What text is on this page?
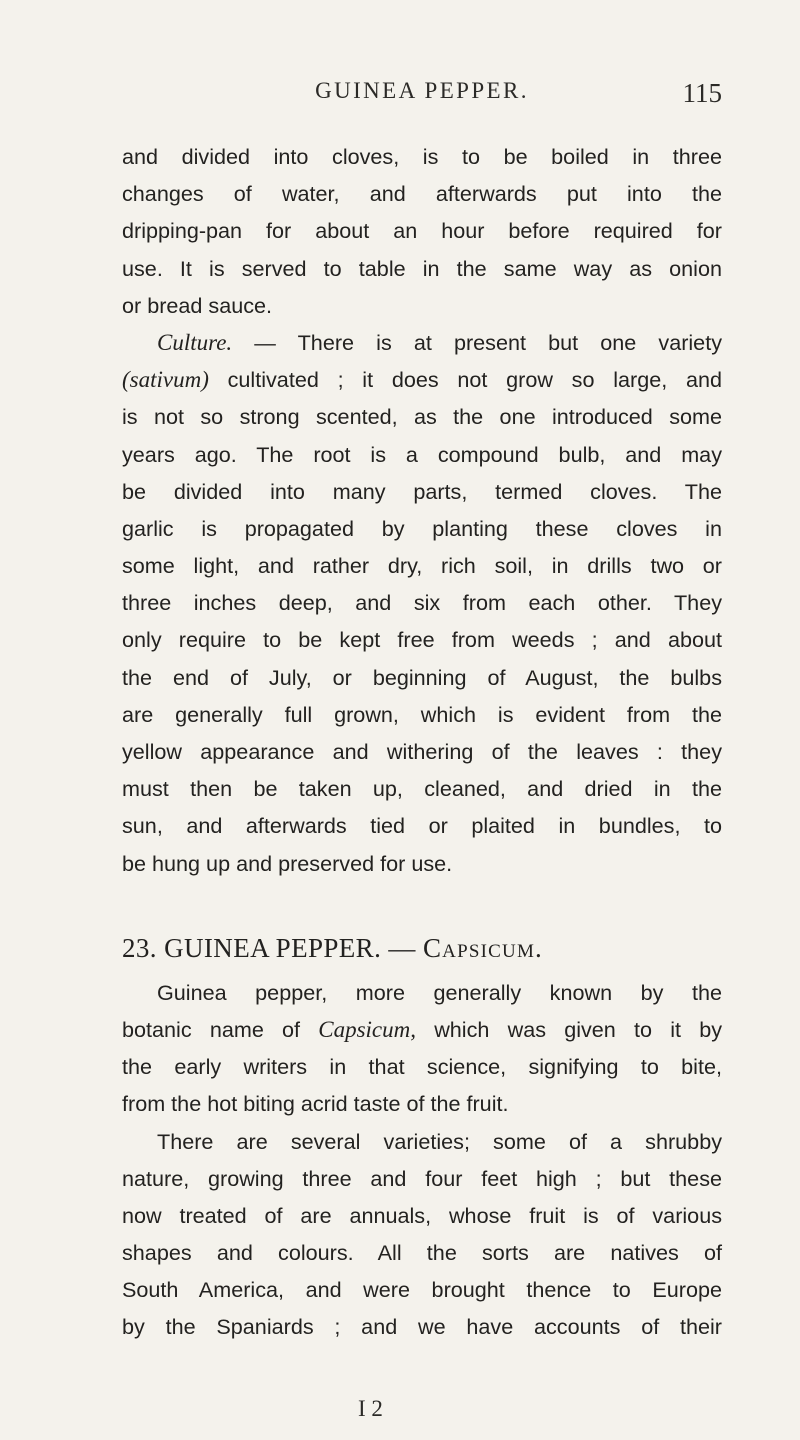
GUINEA PEPPER.	115
and divided into cloves, is to be boiled in three
changes of water, and afterwards put into the
dripping-pan for about an hour before required for
use. It is served to table in the same way as onion
or bread sauce.
Culture. — There is at present but one variety
(sativum) cultivated ; it does not grow so large, and
is not so strong scented, as the one introduced some
years ago. The root is a compound bulb, and may
be divided into many parts, termed cloves. The
garlic is propagated by planting these cloves in
some light, and rather dry, rich soil, in drills two or
three inches deep, and six from each other. They
only require to be kept free from weeds ; and about
the end of July, or beginning of August, the bulbs
are generally full grown, which is evident from the
yellow appearance and withering of the leaves : they
must then be taken up, cleaned, and dried in the
sun, and afterwards tied or plaited in bundles, to
be hung up and preserved for use.
23. GUINEA PEPPER. — Capsicum.
Guinea pepper, more generally known by the
botanic name of Capsicum, which was given to it by
the early writers in that science, signifying to bite,
from the hot biting acrid taste of the fruit.
There are several varieties; some of a shrubby
nature, growing three and four feet high ; but these
now treated of are annuals, whose fruit is of various
shapes and colours. All the sorts are natives of
South America, and were brought thence to Europe
by the Spaniards ; and we have accounts of their
I 2
